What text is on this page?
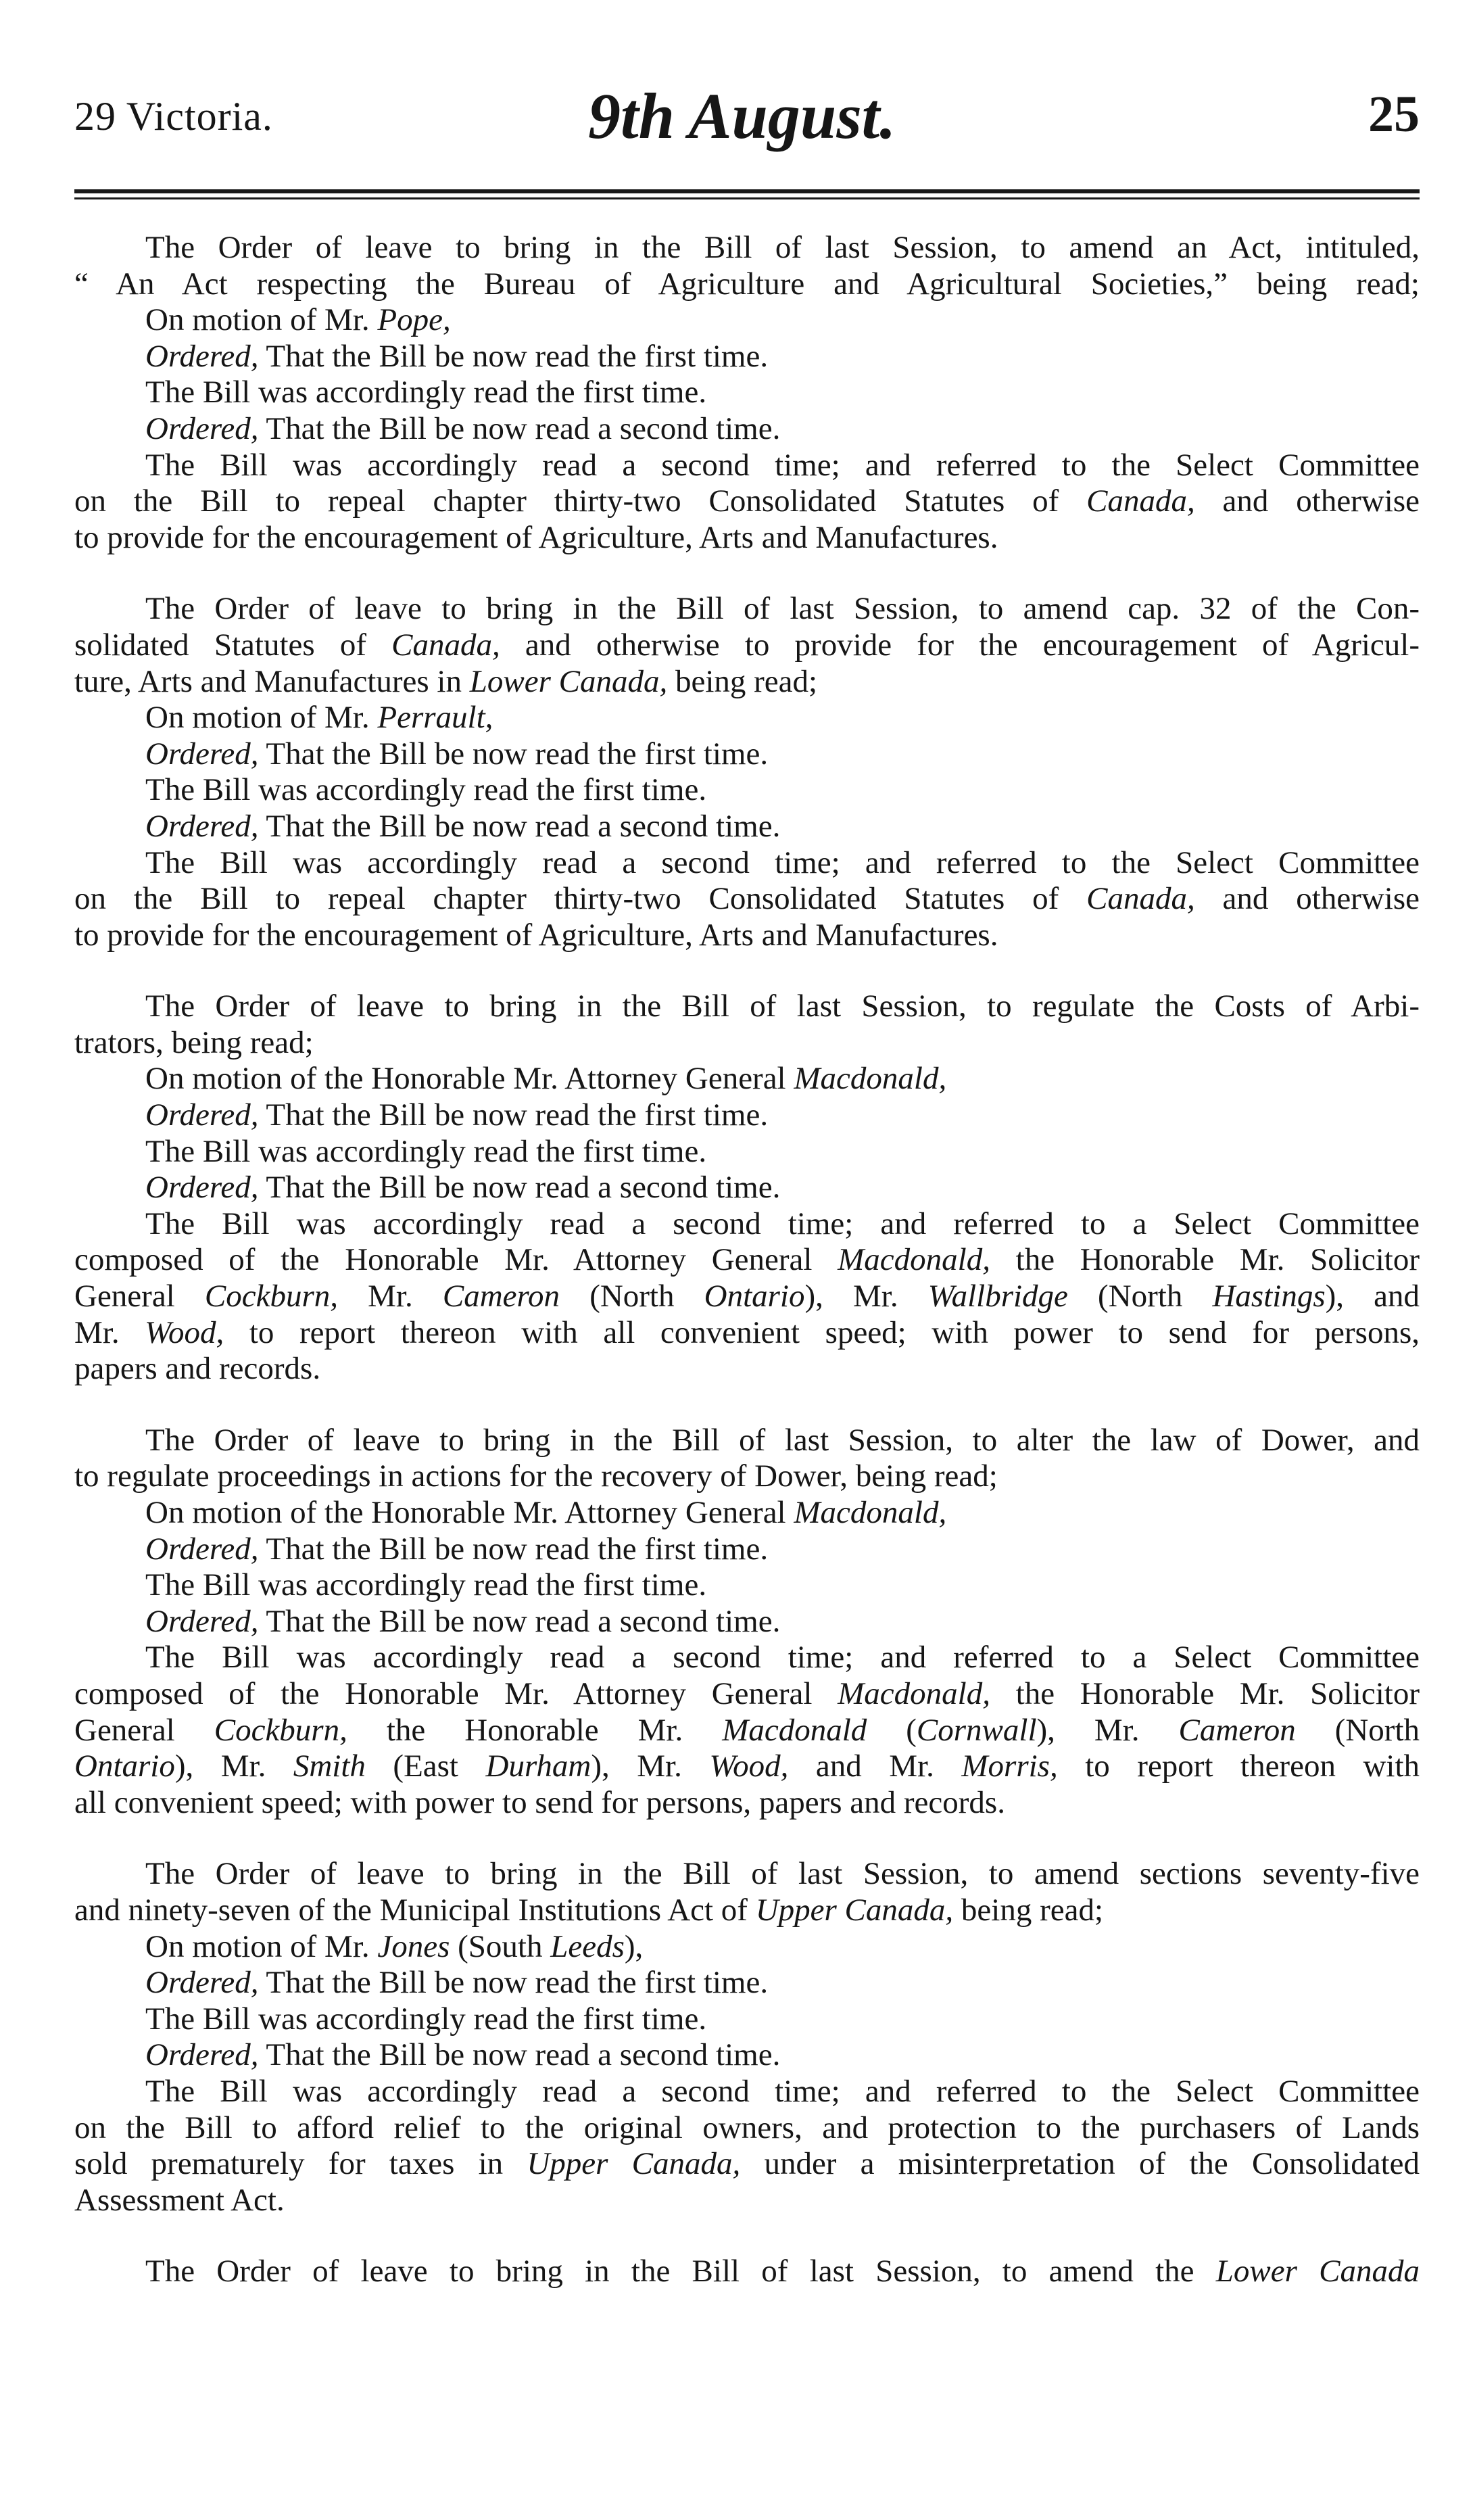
29 Victoria.	9th August.	25
The Order of leave to bring in the Bill of last Session, to amend an Act, intituled,
“ An Act respecting the Bureau of Agriculture and Agricultural Societies,” being read;
On motion of Mr. Pope,
Ordered, That the Bill be now read the first time.
The Bill was accordingly read the first time.
Ordered, That the Bill be now read a second time.
The Bill was accordingly read a second time; and referred to the Select Committee
on the Bill to repeal chapter thirty-two Consolidated Statutes of Canada, and otherwise
to provide for the encouragement of Agriculture, Arts and Manufactures.
The Order of leave to bring in the Bill of last Session, to amend cap. 32 of the Con-
solidated Statutes of Canada, and otherwise to provide for the encouragement of Agricul-
ture, Arts and Manufactures in Lower Canada, being read;
On motion of Mr. Perrault,
Ordered, That the Bill be now read the first time.
The Bill was accordingly read the first time.
Ordered, That the Bill be now read a second time.
The Bill was accordingly read a second time; and referred to the Select Committee
on the Bill to repeal chapter thirty-two Consolidated Statutes of Canada, and otherwise
to provide for the encouragement of Agriculture, Arts and Manufactures.
The Order of leave to bring in the Bill of last Session, to regulate the Costs of Arbi-
trators, being read;
On motion of the Honorable Mr. Attorney General Macdonald,
Ordered, That the Bill be now read the first time.
The Bill was accordingly read the first time.
Ordered, That the Bill be now read a second time.
The Bill was accordingly read a second time; and referred to a Select Committee
composed of the Honorable Mr. Attorney General Macdonald, the Honorable Mr. Solicitor
General Cockburn, Mr. Cameron (North Ontario), Mr. Wallbridge (North Hastings), and
Mr. Wood, to report thereon with all convenient speed; with power to send for persons,
papers and records.
The Order of leave to bring in the Bill of last Session, to alter the law of Dower, and
to regulate proceedings in actions for the recovery of Dower, being read;
On motion of the Honorable Mr. Attorney General Macdonald,
Ordered, That the Bill be now read the first time.
The Bill was accordingly read the first time.
Ordered, That the Bill be now read a second time.
The Bill was accordingly read a second time; and referred to a Select Committee
composed of the Honorable Mr. Attorney General Macdonald, the Honorable Mr. Solicitor
General Cockburn, the Honorable Mr. Macdonald (Cornwall), Mr. Cameron (North
Ontario), Mr. Smith (East Durham), Mr. Wood, and Mr. Morris, to report thereon with
all convenient speed; with power to send for persons, papers and records.
The Order of leave to bring in the Bill of last Session, to amend sections seventy-five
and ninety-seven of the Municipal Institutions Act of Upper Canada, being read;
On motion of Mr. Jones (South Leeds),
Ordered, That the Bill be now read the first time.
The Bill was accordingly read the first time.
Ordered, That the Bill be now read a second time.
The Bill was accordingly read a second time; and referred to the Select Committee
on the Bill to afford relief to the original owners, and protection to the purchasers of Lands
sold prematurely for taxes in Upper Canada, under a misinterpretation of the Consolidated
Assessment Act.
The Order of leave to bring in the Bill of last Session, to amend the Lower Canada
